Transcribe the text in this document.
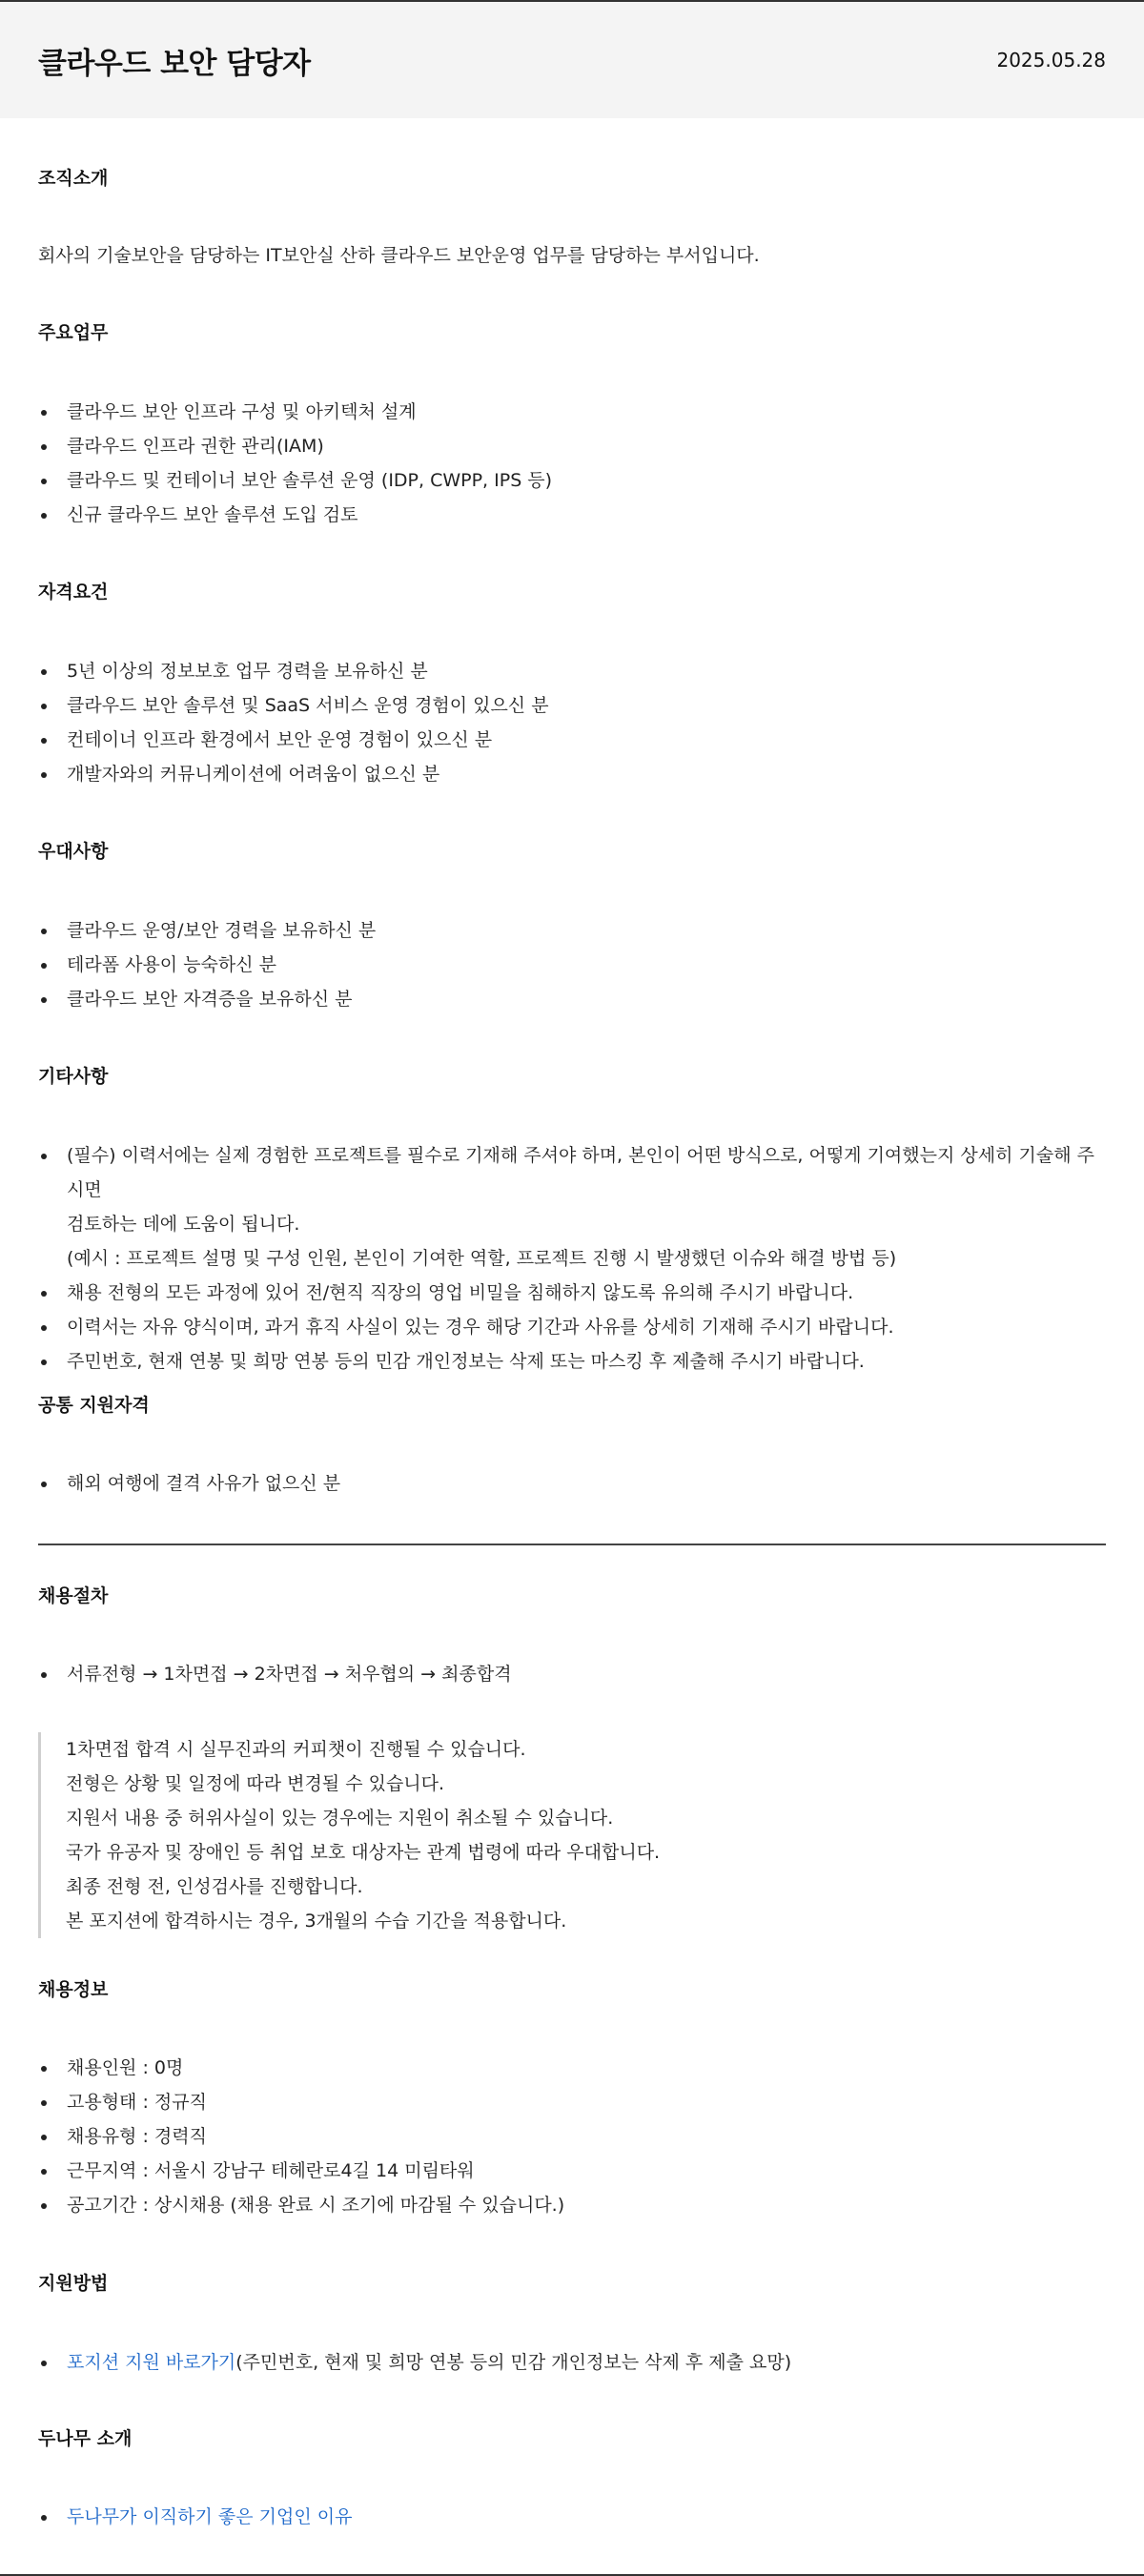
클라우드 보안 담당자	2025.05.28
조직소개

회사의 기술보안을 담당하는 IT보안실 산하 클라우드 보안운영 업무를 담당하는 부서입니다.

주요업무
클라우드 보안 인프라 구성 및 아키텍처 설계
클라우드 인프라 권한 관리(IAM)
클라우드 및 컨테이너 보안 솔루션 운영 (IDP, CWPP, IPS 등)
신규 클라우드 보안 솔루션 도입 검토
자격요건
5년 이상의 정보보호 업무 경력을 보유하신 분
클라우드 보안 솔루션 및 SaaS 서비스 운영 경험이 있으신 분
컨테이너 인프라 환경에서 보안 운영 경험이 있으신 분
개발자와의 커뮤니케이션에 어려움이 없으신 분
우대사항
클라우드 운영/보안 경력을 보유하신 분
테라폼 사용이 능숙하신 분
클라우드 보안 자격증을 보유하신 분
기타사항
(필수) 이력서에는 실제 경험한 프로젝트를 필수로 기재해 주셔야 하며, 본인이 어떤 방식으로, 어떻게 기여했는지 상세히 기술해 주시면
검토하는 데에 도움이 됩니다.
(예시 : 프로젝트 설명 및 구성 인원, 본인이 기여한 역할, 프로젝트 진행 시 발생했던 이슈와 해결 방법 등)
채용 전형의 모든 과정에 있어 전/현직 직장의 영업 비밀을 침해하지 않도록 유의해 주시기 바랍니다.
이력서는 자유 양식이며, 과거 휴직 사실이 있는 경우 해당 기간과 사유를 상세히 기재해 주시기 바랍니다.
주민번호, 현재 연봉 및 희망 연봉 등의 민감 개인정보는 삭제 또는 마스킹 후 제출해 주시기 바랍니다.
공통 지원자격
해외 여행에 결격 사유가 없으신 분
채용절차
서류전형 → 1차면접 → 2차면접 → 처우협의 → 최종합격

1차면접 합격 시 실무진과의 커피챗이 진행될 수 있습니다.

전형은 상황 및 일정에 따라 변경될 수 있습니다.

지원서 내용 중 허위사실이 있는 경우에는 지원이 취소될 수 있습니다.

국가 유공자 및 장애인 등 취업 보호 대상자는 관계 법령에 따라 우대합니다.

최종 전형 전, 인성검사를 진행합니다.

본 포지션에 합격하시는 경우, 3개월의 수습 기간을 적용합니다.

채용정보
채용인원 : 0명
고용형태 : 정규직
채용유형 : 경력직
근무지역 : 서울시 강남구 테헤란로4길 14 미림타워
공고기간 : 상시채용 (채용 완료 시 조기에 마감될 수 있습니다.)
지원방법
포지션 지원 바로가기(주민번호, 현재 및 희망 연봉 등의 민감 개인정보는 삭제 후 제출 요망)
두나무 소개
두나무가 이직하기 좋은 기업인 이유
